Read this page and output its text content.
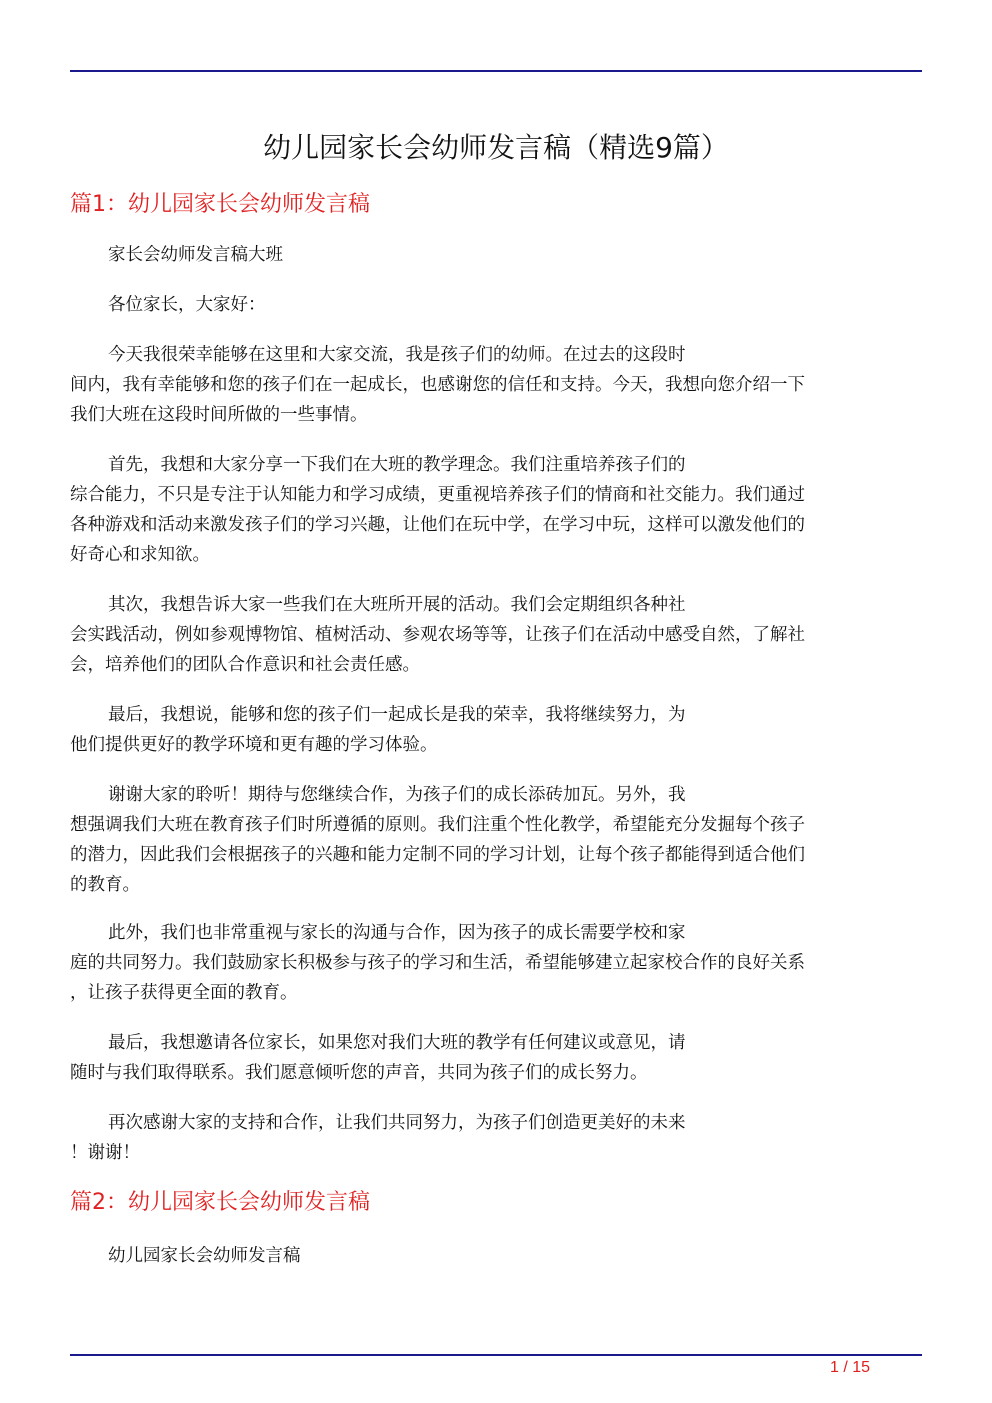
幼儿园家长会幼师发言稿（精选9篇）
篇1：幼儿园家长会幼师发言稿
家长会幼师发言稿大班
各位家长，大家好：
今天我很荣幸能够在这里和大家交流，我是孩子们的幼师。在过去的这段时
间内，我有幸能够和您的孩子们在一起成长，也感谢您的信任和支持。今天，我想向您介绍一下
我们大班在这段时间所做的一些事情。
首先，我想和大家分享一下我们在大班的教学理念。我们注重培养孩子们的
综合能力，不只是专注于认知能力和学习成绩，更重视培养孩子们的情商和社交能力。我们通过
各种游戏和活动来激发孩子们的学习兴趣，让他们在玩中学，在学习中玩，这样可以激发他们的
好奇心和求知欲。
其次，我想告诉大家一些我们在大班所开展的活动。我们会定期组织各种社
会实践活动，例如参观博物馆、植树活动、参观农场等等，让孩子们在活动中感受自然，了解社
会，培养他们的团队合作意识和社会责任感。
最后，我想说，能够和您的孩子们一起成长是我的荣幸，我将继续努力，为
他们提供更好的教学环境和更有趣的学习体验。
谢谢大家的聆听！期待与您继续合作，为孩子们的成长添砖加瓦。另外，我
想强调我们大班在教育孩子们时所遵循的原则。我们注重个性化教学，希望能充分发掘每个孩子
的潜力，因此我们会根据孩子的兴趣和能力定制不同的学习计划，让每个孩子都能得到适合他们
的教育。
此外，我们也非常重视与家长的沟通与合作，因为孩子的成长需要学校和家
庭的共同努力。我们鼓励家长积极参与孩子的学习和生活，希望能够建立起家校合作的良好关系
，让孩子获得更全面的教育。
最后，我想邀请各位家长，如果您对我们大班的教学有任何建议或意见，请
随时与我们取得联系。我们愿意倾听您的声音，共同为孩子们的成长努力。
再次感谢大家的支持和合作，让我们共同努力，为孩子们创造更美好的未来
！谢谢！
篇2：幼儿园家长会幼师发言稿
幼儿园家长会幼师发言稿
1 / 15
